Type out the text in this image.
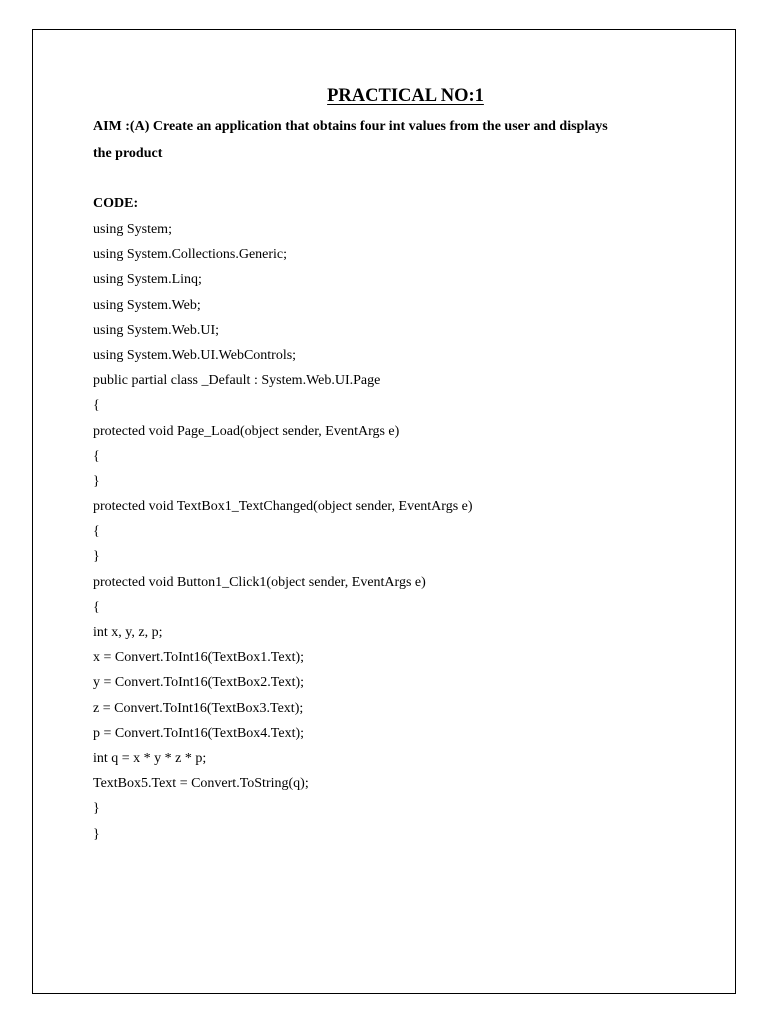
PRACTICAL NO:1
AIM :(A) Create an application that obtains four int values from the user and displays
the product
CODE:
using System;
using System.Collections.Generic;
using System.Linq;
using System.Web;
using System.Web.UI;
using System.Web.UI.WebControls;
public partial class _Default : System.Web.UI.Page
{
protected void Page_Load(object sender, EventArgs e)
{
}
protected void TextBox1_TextChanged(object sender, EventArgs e)
{
}
protected void Button1_Click1(object sender, EventArgs e)
{
int x, y, z, p;
x = Convert.ToInt16(TextBox1.Text);
y = Convert.ToInt16(TextBox2.Text);
z = Convert.ToInt16(TextBox3.Text);
p = Convert.ToInt16(TextBox4.Text);
int q = x * y * z * p;
TextBox5.Text = Convert.ToString(q);
}
}
